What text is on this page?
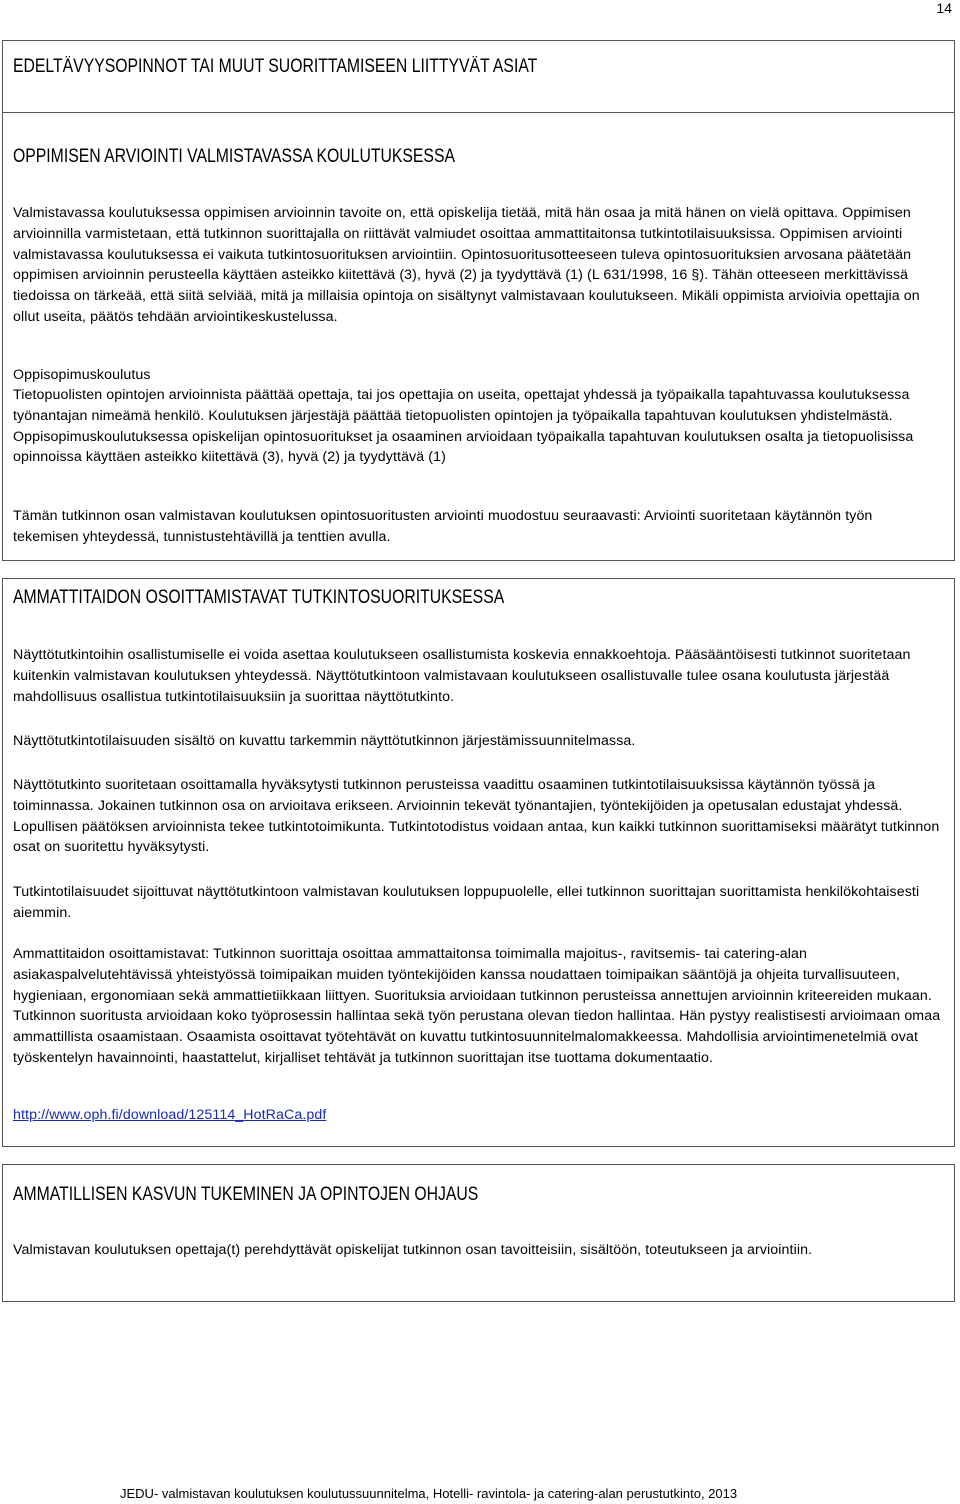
14
EDELTÄVYYSOPINNOT TAI MUUT SUORITTAMISEEN LIITTYVÄT ASIAT
OPPIMISEN ARVIOINTI VALMISTAVASSA KOULUTUKSESSA

Valmistavassa koulutuksessa oppimisen arvioinnin tavoite on, että opiskelija tietää, mitä hän osaa ja mitä hänen on vielä opittava. Oppimisen arvioinnilla varmistetaan, että tutkinnon suorittajalla on riittävät valmiudet osoittaa ammattitaitonsa tutkintotilaisuuksissa. Oppimisen arviointi valmistavassa koulutuksessa ei vaikuta tutkintosuorituksen arviointiin. Opintosuoritusotteeseen tuleva opintosuorituksien arvosana päätetään oppimisen arvioinnin perusteella käyttäen asteikko kiitettävä (3), hyvä (2) ja tyydyttävä (1) (L 631/1998, 16 §). Tähän otteeseen merkittävissä tiedoissa on tärkeää, että siitä selviää, mitä ja millaisia opintoja on sisältynyt valmistavaan koulutukseen. Mikäli oppimista arvioivia opettajia on ollut useita, päätös tehdään arviointikeskustelussa.

Oppisopimuskoulutus

Tietopuolisten opintojen arvioinnista päättää opettaja, tai jos opettajia on useita, opettajat yhdessä ja työpaikalla tapahtuvassa koulutuksessa työnantajan nimeämä henkilö. Koulutuksen järjestäjä päättää tietopuolisten opintojen ja työpaikalla tapahtuvan koulutuksen yhdistelmästä. Oppisopimuskoulutuksessa opiskelijan opintosuoritukset ja osaaminen arvioidaan työpaikalla tapahtuvan koulutuksen osalta ja tietopuolisissa opinnoissa käyttäen asteikko kiitettävä (3), hyvä (2) ja tyydyttävä (1)

Tämän tutkinnon osan valmistavan koulutuksen opintosuoritusten arviointi muodostuu seuraavasti: Arviointi suoritetaan käytännön työn tekemisen yhteydessä, tunnistustehtävillä ja tenttien avulla.

AMMATTITAIDON OSOITTAMISTAVAT TUTKINTOSUORITUKSESSA

Näyttötutkintoihin osallistumiselle ei voida asettaa koulutukseen osallistumista koskevia ennakkoehtoja. Pääsääntöisesti tutkinnot suoritetaan kuitenkin valmistavan koulutuksen yhteydessä. Näyttötutkintoon valmistavaan koulutukseen osallistuvalle tulee osana koulutusta järjestää mahdollisuus osallistua tutkintotilaisuuksiin ja suorittaa näyttötutkinto.

Näyttötutkintotilaisuuden sisältö on kuvattu tarkemmin näyttötutkinnon järjestämissuunnitelmassa.

Näyttötutkinto suoritetaan osoittamalla hyväksytysti tutkinnon perusteissa vaadittu osaaminen tutkintotilaisuuksissa käytännön työssä ja toiminnassa. Jokainen tutkinnon osa on arvioitava erikseen. Arvioinnin tekevät työnantajien, työntekijöiden ja opetusalan edustajat yhdessä. Lopullisen päätöksen arvioinnista tekee tutkintotoimikunta. Tutkintotodistus voidaan antaa, kun kaikki tutkinnon suorittamiseksi määrätyt tutkinnon osat on suoritettu hyväksytysti.

Tutkintotilaisuudet sijoittuvat näyttötutkintoon valmistavan koulutuksen loppupuolelle, ellei tutkinnon suorittajan suorittamista henkilökohtaisesti aiemmin.

Ammattitaidon osoittamistavat: Tutkinnon suorittaja osoittaa ammattaitonsa toimimalla majoitus-, ravitsemis- tai catering-alan asiakaspalvelutehtävissä yhteistyössä toimipaikan muiden työntekijöiden kanssa noudattaen toimipaikan sääntöjä ja ohjeita turvallisuuteen, hygieniaan, ergonomiaan sekä ammattietiikkaan liittyen. Suorituksia arvioidaan tutkinnon perusteissa annettujen arvioinnin kriteereiden mukaan. Tutkinnon suoritusta arvioidaan koko työprosessin hallintaa sekä työn perustana olevan tiedon hallintaa. Hän pystyy realistisesti arvioimaan omaa ammattillista osaamistaan. Osaamista osoittavat työtehtävät on kuvattu tutkintosuunnitelmalomakkeessa. Mahdollisia arviointimenetelmiä ovat työskentelyn havainnointi, haastattelut, kirjalliset tehtävät ja tutkinnon suorittajan itse tuottama dokumentaatio.

http://www.oph.fi/download/125114_HotRaCa.pdf

AMMATILLISEN KASVUN TUKEMINEN JA OPINTOJEN OHJAUS

Valmistavan koulutuksen opettaja(t) perehdyttävät opiskelijat tutkinnon osan tavoitteisiin, sisältöön, toteutukseen ja arviointiin.

JEDU- valmistavan koulutuksen koulutussuunnitelma, Hotelli- ravintola- ja catering-alan perustutkinto, 2013
